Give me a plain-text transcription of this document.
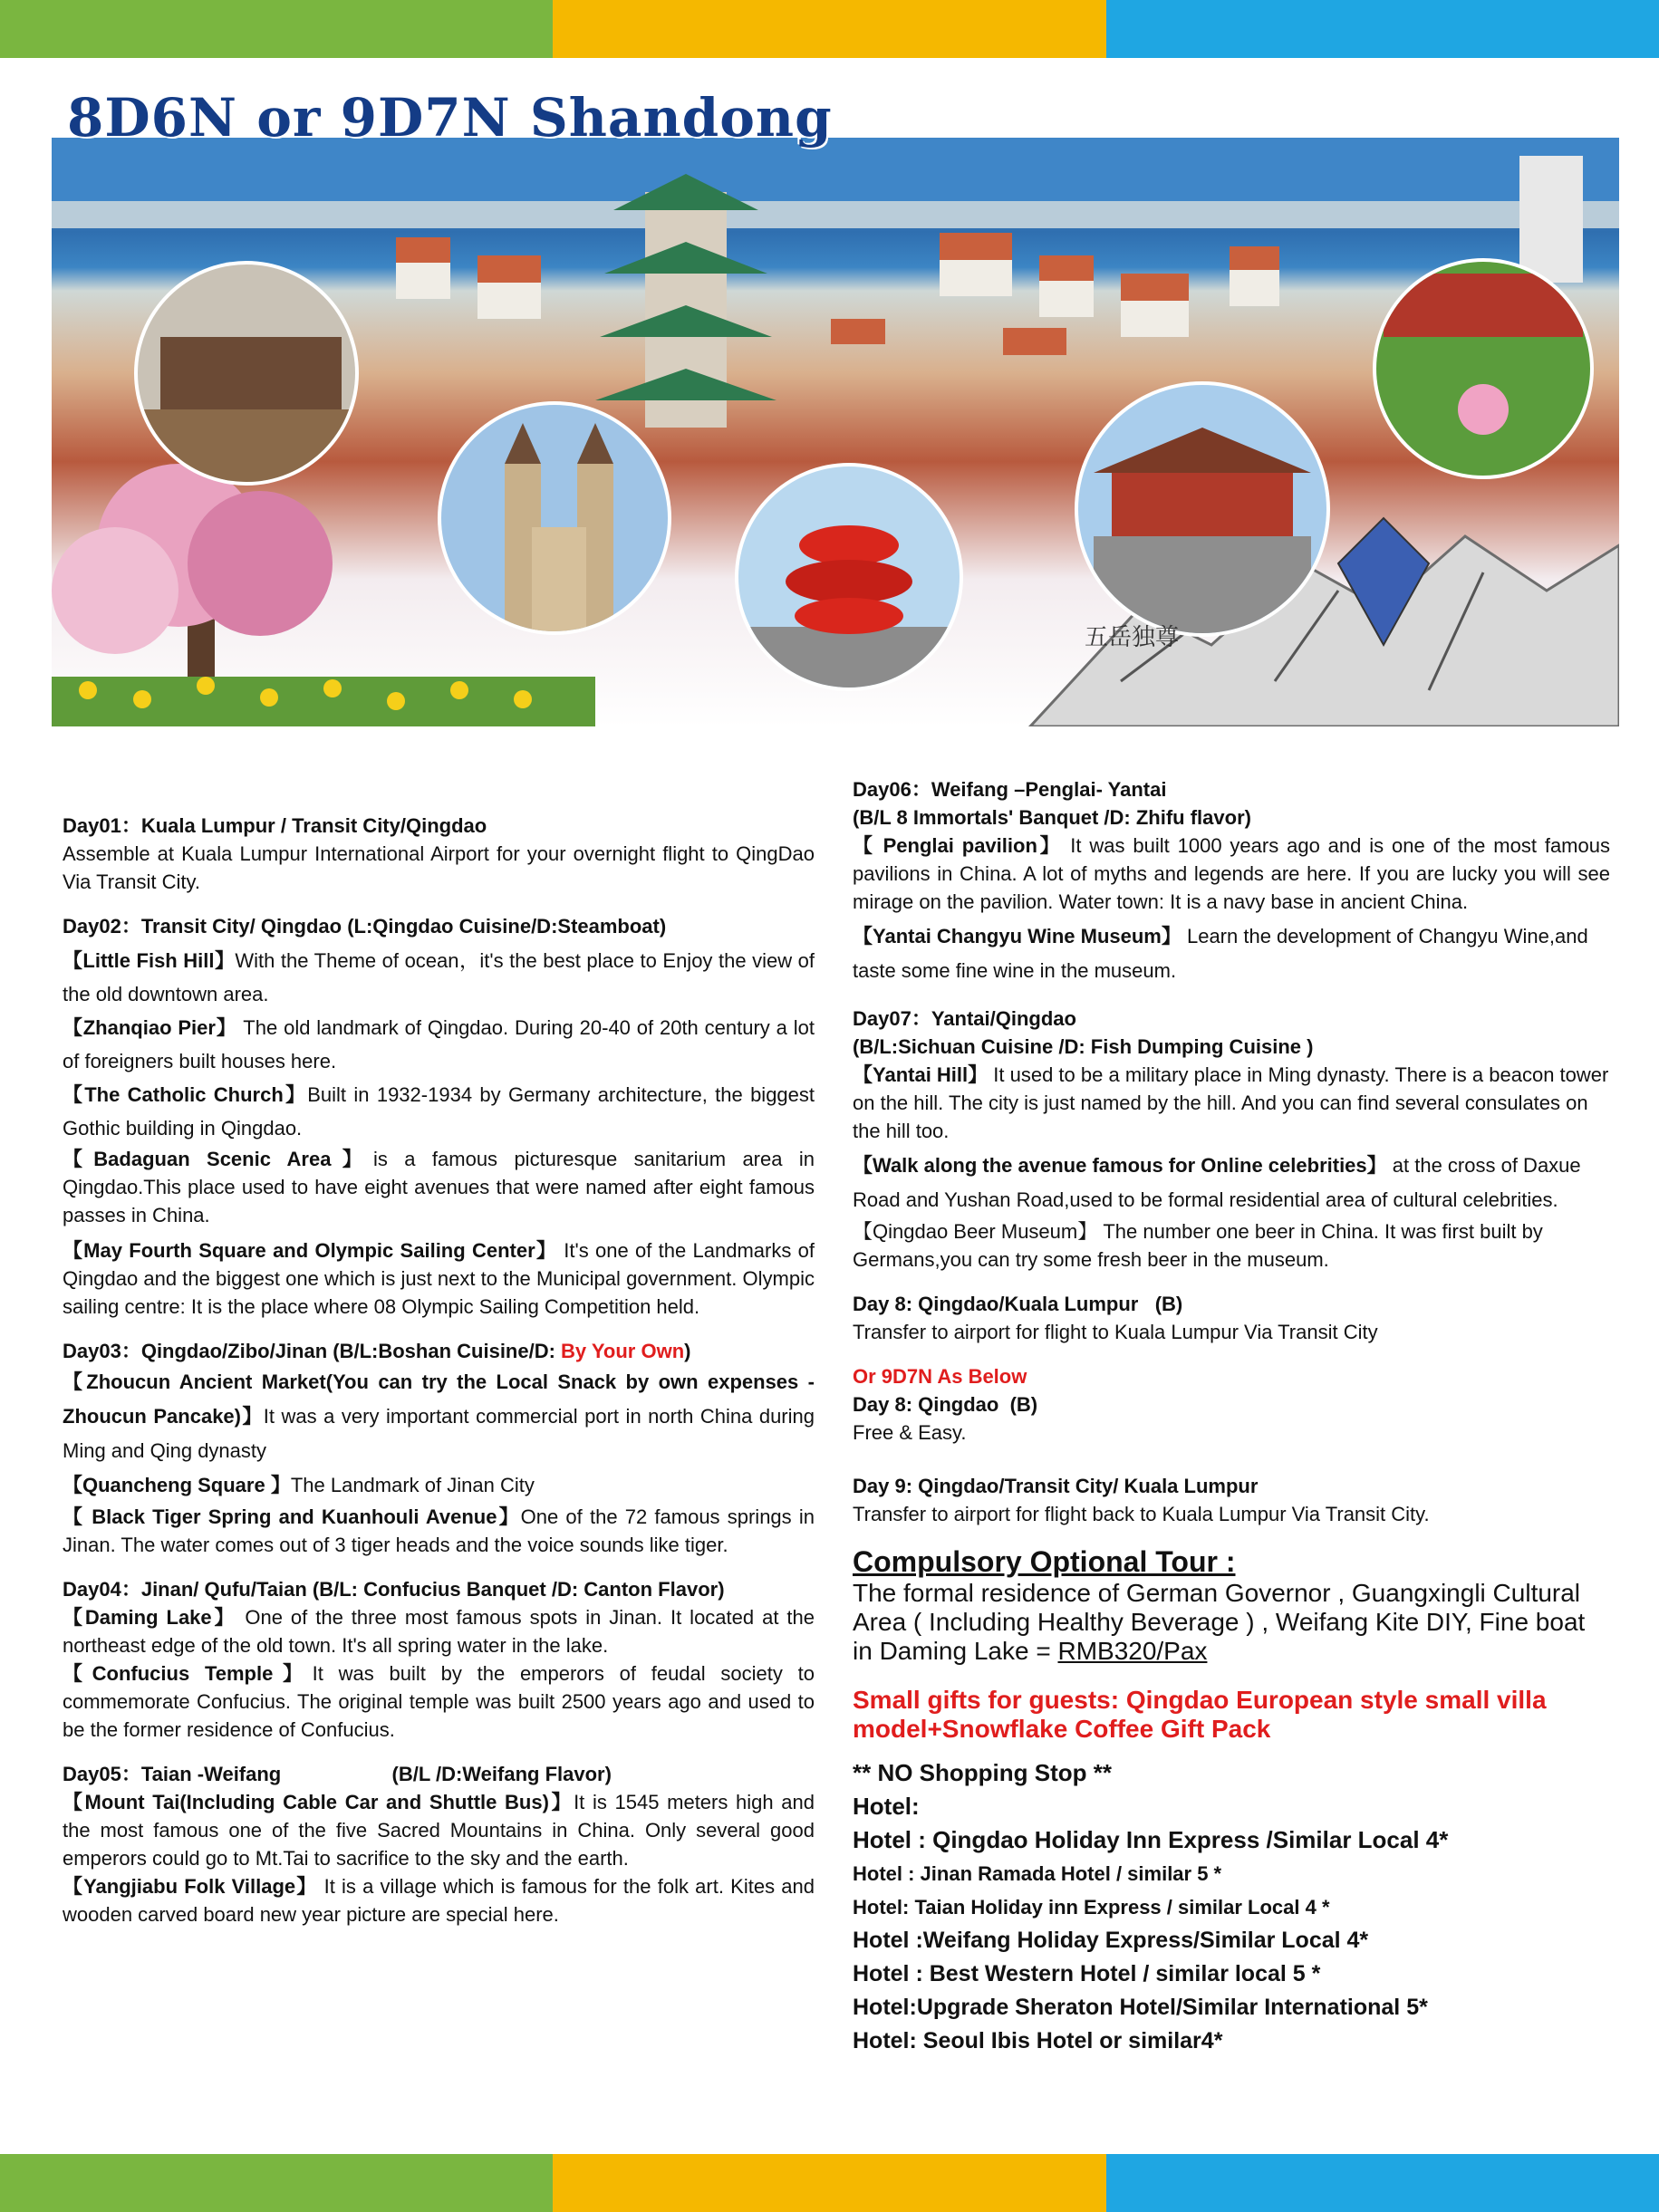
8D6N or 9D7N Shandong
五岳独尊

Day01：Kuala Lumpur / Transit City/Qingdao

Assemble at Kuala Lumpur International Airport for your overnight flight to QingDao Via Transit City.

Day02：Transit City/ Qingdao (L:Qingdao Cuisine/D:Steamboat)

【Little Fish Hill】With the Theme of ocean，it's the best place to Enjoy the view of the old downtown area.

【Zhanqiao Pier】 The old landmark of Qingdao. During 20-40 of 20th century a lot of foreigners built houses here.

【The Catholic Church】Built in 1932-1934 by Germany architecture, the biggest Gothic building in Qingdao.

【Badaguan Scenic Area】is a famous picturesque sanitarium area in Qingdao.This place used to have eight avenues that were named after eight famous passes in China.

【May Fourth Square and Olympic Sailing Center】 It's one of the Landmarks of Qingdao and the biggest one which is just next to the Municipal government. Olympic sailing centre: It is the place where 08 Olympic Sailing Competition held.

Day03：Qingdao/Zibo/Jinan (B/L:Boshan Cuisine/D: By Your Own)

【Zhoucun Ancient Market(You can try the Local Snack by own expenses - Zhoucun Pancake)】It was a very important commercial port in north China during Ming and Qing dynasty

【Quancheng Square 】The Landmark of Jinan City

【 Black Tiger Spring and Kuanhouli Avenue】One of the 72 famous springs in Jinan. The water comes out of 3 tiger heads and the voice sounds like tiger.

Day04：Jinan/ Qufu/Taian (B/L: Confucius Banquet /D: Canton Flavor)

【Daming Lake】 One of the three most famous spots in Jinan. It located at the northeast edge of the old town. It's all spring water in the lake.

【Confucius Temple】It was built by the emperors of feudal society to commemorate Confucius. The original temple was built 2500 years ago and used to be the former residence of Confucius.

Day05：Taian -Weifang                    (B/L /D:Weifang Flavor)

【Mount Tai(Including Cable Car and Shuttle Bus)】It is 1545 meters high and the most famous one of the five Sacred Mountains in China. Only several good emperors could go to Mt.Tai to sacrifice to the sky and the earth.

【Yangjiabu Folk Village】 It is a village which is famous for the folk art. Kites and wooden carved board new year picture are special here.

Day06：Weifang –Penglai- Yantai

(B/L 8 Immortals' Banquet /D: Zhifu flavor)

【 Penglai pavilion】 It was built 1000 years ago and is one of the most famous pavilions in China. A lot of myths and legends are here. If you are lucky you will see mirage on the pavilion. Water town: It is a navy base in ancient China.

【Yantai Changyu Wine Museum】 Learn the development of Changyu Wine,and taste some fine wine in the museum.

Day07：Yantai/Qingdao

(B/L:Sichuan Cuisine /D: Fish Dumping Cuisine )

【Yantai Hill】 It used to be a military place in Ming dynasty. There is a beacon tower on the hill. The city is just named by the hill. And you can find several consulates on the hill too.

【Walk along the avenue famous for Online celebrities】 at the cross of Daxue Road and Yushan Road,used to be formal residential area of cultural celebrities.

【Qingdao Beer Museum】 The number one beer in China. It was first built by Germans,you can try some fresh beer in the museum.

Day 8: Qingdao/Kuala Lumpur   (B)

Transfer to airport for flight to Kuala Lumpur Via Transit City

Or 9D7N As Below

Day 8: Qingdao  (B)

Free & Easy.

Day 9: Qingdao/Transit City/ Kuala Lumpur

Transfer to airport for flight back to Kuala Lumpur Via Transit City.

Compulsory Optional Tour :

The formal residence of German Governor , Guangxingli Cultural Area ( Including Healthy Beverage ) , Weifang Kite DIY, Fine boat in Daming Lake = RMB320/Pax

Small gifts for guests: Qingdao European style small villa model+Snowflake Coffee Gift Pack

** NO Shopping Stop **

Hotel:

Hotel : Qingdao Holiday Inn Express /Similar Local 4*

Hotel : Jinan Ramada Hotel / similar 5 *

Hotel: Taian Holiday inn Express / similar Local 4 *

Hotel :Weifang Holiday Express/Similar Local 4*

Hotel : Best Western Hotel / similar local 5 *

Hotel:Upgrade Sheraton Hotel/Similar International 5*

Hotel: Seoul Ibis Hotel or similar4*
